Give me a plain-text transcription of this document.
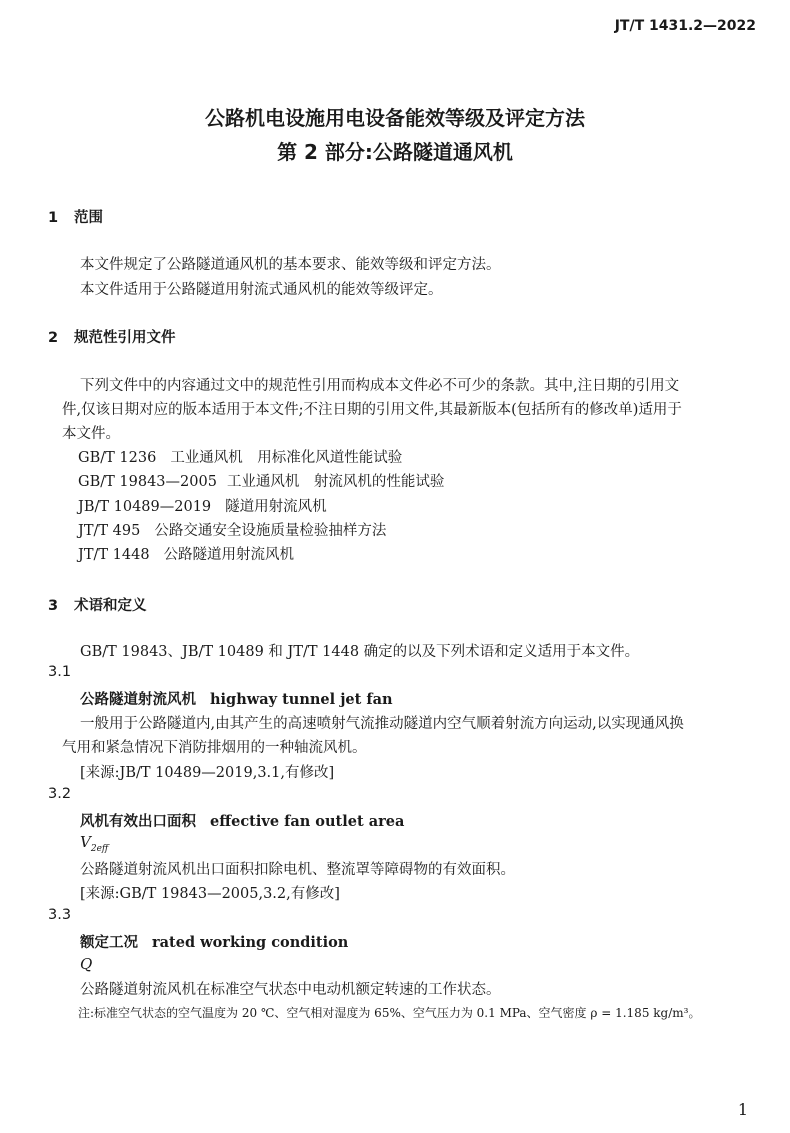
JT/T 1431.2—2022
公路机电设施用电设备能效等级及评定方法
第 2 部分:公路隧道通风机
1 范围
本文件规定了公路隧道通风机的基本要求、能效等级和评定方法。
本文件适用于公路隧道用射流式通风机的能效等级评定。
2 规范性引用文件
下列文件中的内容通过文中的规范性引用而构成本文件必不可少的条款。其中,注日期的引用文
件,仅该日期对应的版本适用于本文件;不注日期的引用文件,其最新版本(包括所有的修改单)适用于
本文件。
GB/T 1236 工业通风机　用标准化风道性能试验
GB/T 19843—2005 工业通风机　射流风机的性能试验
JB/T 10489—2019 隧道用射流风机
JT/T 495 公路交通安全设施质量检验抽样方法
JT/T 1448 公路隧道用射流风机
3 术语和定义
GB/T 19843、JB/T 10489 和 JT/T 1448 确定的以及下列术语和定义适用于本文件。
3.1
公路隧道射流风机 highway tunnel jet fan
一般用于公路隧道内,由其产生的高速喷射气流推动隧道内空气顺着射流方向运动,以实现通风换
气用和紧急情况下消防排烟用的一种轴流风机。
[来源:JB/T 10489—2019,3.1,有修改]
3.2
风机有效出口面积 effective fan outlet area
$V_{2eff}$
公路隧道射流风机出口面积扣除电机、整流罩等障碍物的有效面积。
[来源:GB/T 19843—2005,3.2,有修改]
3.3
额定工况 rated working condition
Q
公路隧道射流风机在标准空气状态中电动机额定转速的工作状态。
注:标准空气状态的空气温度为 20 ℃、空气相对湿度为 65%、空气压力为 0.1 MPa、空气密度 ρ = 1.185 kg/m³。
1
